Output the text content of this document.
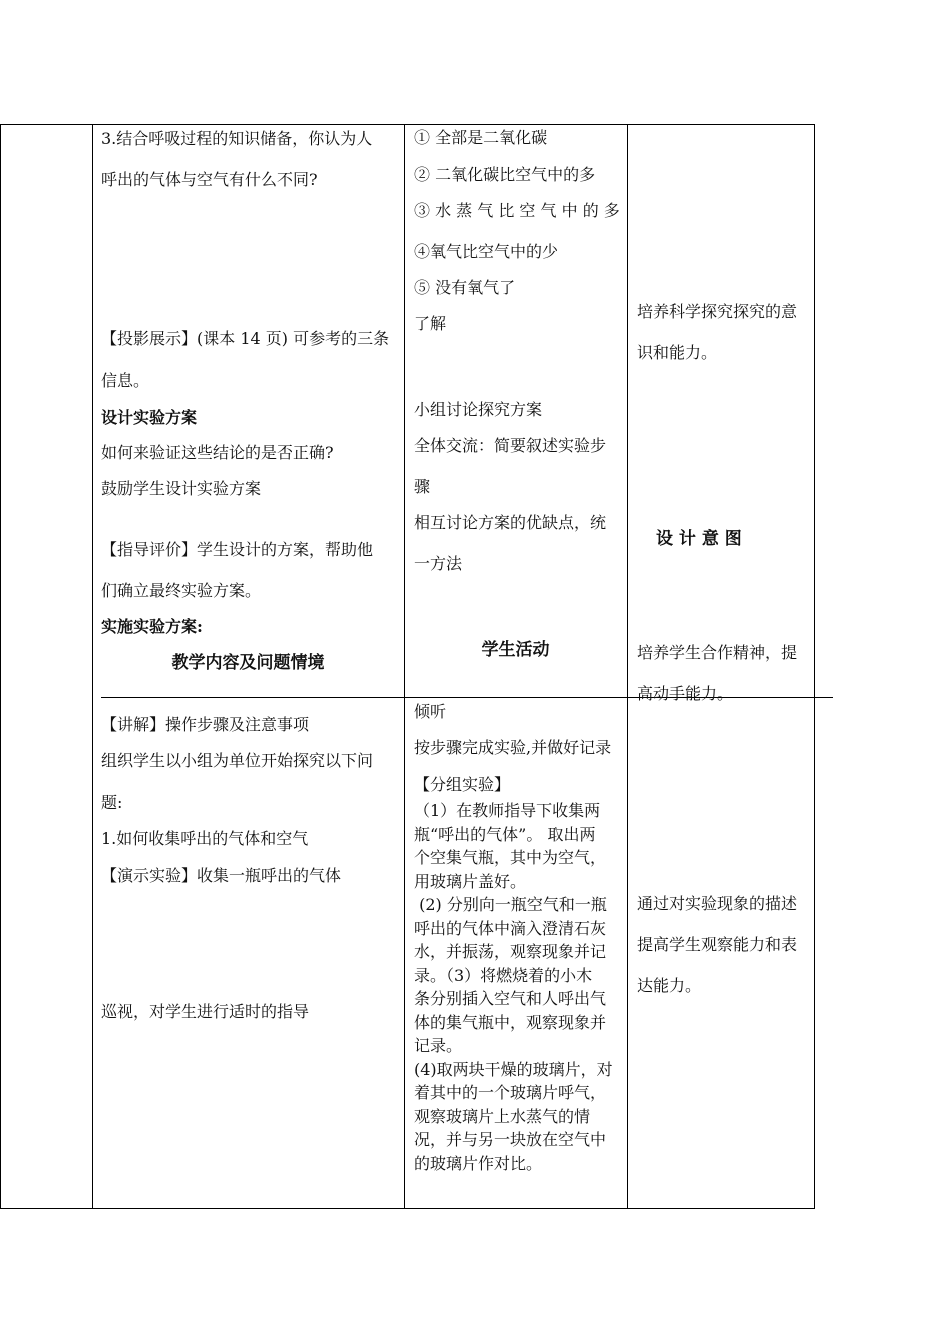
3.结合呼吸过程的知识储备，你认为人
呼出的气体与空气有什么不同?
【投影展示】(课本 14 页) 可参考的三条
信息。
设计实验方案
如何来验证这些结论的是否正确?
鼓励学生设计实验方案
【指导评价】学生设计的方案，帮助他
们确立最终实验方案。
实施实验方案:
教学内容及问题情境
【讲解】操作步骤及注意事项
组织学生以小组为单位开始探究以下问
题:
1.如何收集呼出的气体和空气
【演示实验】收集一瓶呼出的气体
巡视，对学生进行适时的指导
① 全部是二氧化碳
② 二氧化碳比空气中的多
③ 水 蒸 气 比 空 气 中 的 多
④氧气比空气中的少
⑤ 没有氧气了
了解
小组讨论探究方案
全体交流：简要叙述实验步
骤
相互讨论方案的优缺点，统
一方法
学生活动
倾听
按步骤完成实验,并做好记录
【分组实验】
（1）在教师指导下收集两
瓶“呼出的气体”。 取出两
个空集气瓶，其中为空气，
用玻璃片盖好。
(2) 分别向一瓶空气和一瓶
呼出的气体中滴入澄清石灰
水，并振荡，观察现象并记
录。（3）将燃烧着的小木
条分别插入空气和人呼出气
体的集气瓶中，观察现象并
记录。
(4)取两块干燥的玻璃片，对
着其中的一个玻璃片呼气，
观察玻璃片上水蒸气的情
况，并与另一块放在空气中
的玻璃片作对比。
培养科学探究探究的意
识和能力。
设 计 意 图
培养学生合作精神，提
高动手能力。
通过对实验现象的描述
提高学生观察能力和表
达能力。
